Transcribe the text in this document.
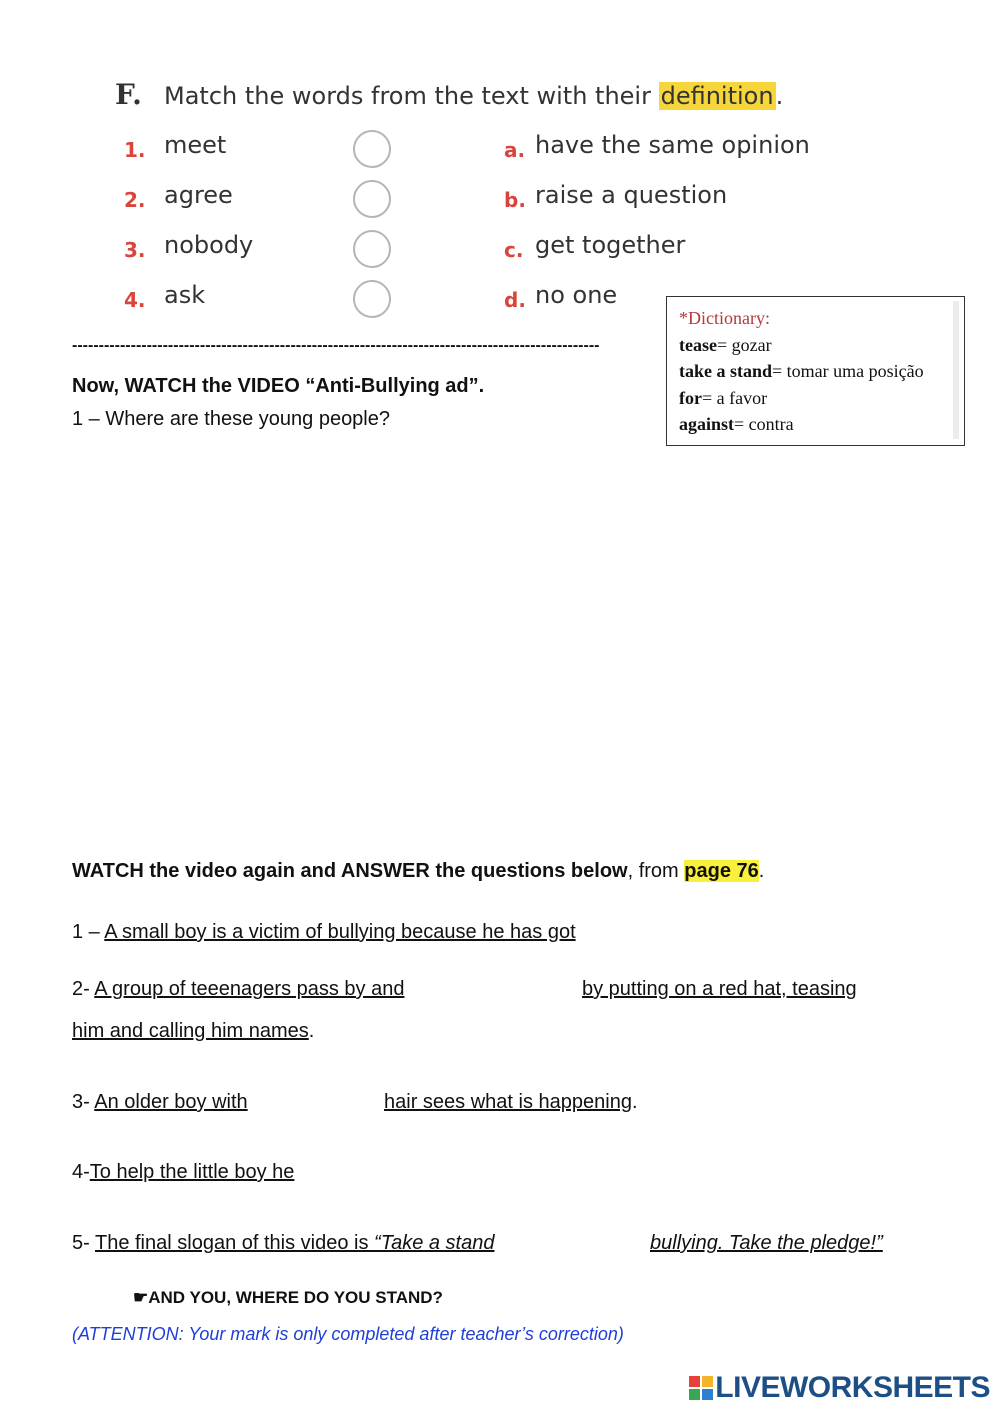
F. Match the words from the text with their definition.
1. meet	a. have the same opinion
2. agree	b. raise a question
3. nobody	c. get together
4. ask	d. no one
*Dictionary:
tease= gozar
take a stand= tomar uma posição
for= a favor
against= contra
---------------------------------------------------------------------------------------------------
Now, WATCH the VIDEO “Anti-Bullying ad”.
1 – Where are these young people?
WATCH the video again and ANSWER the questions below, from page 76.
1 – A small boy is a victim of bullying because he has got
2- A group of teeenagers pass by and	by putting on a red hat, teasing
him and calling him names.
3- An older boy with	hair sees what is happening.
4-To help the little boy he
5- The final slogan of this video is “Take a stand	bullying. Take the pledge!”
☛AND YOU, WHERE DO YOU STAND?
(ATTENTION: Your mark is only completed after teacher’s correction)
LIVEWORKSHEETS
